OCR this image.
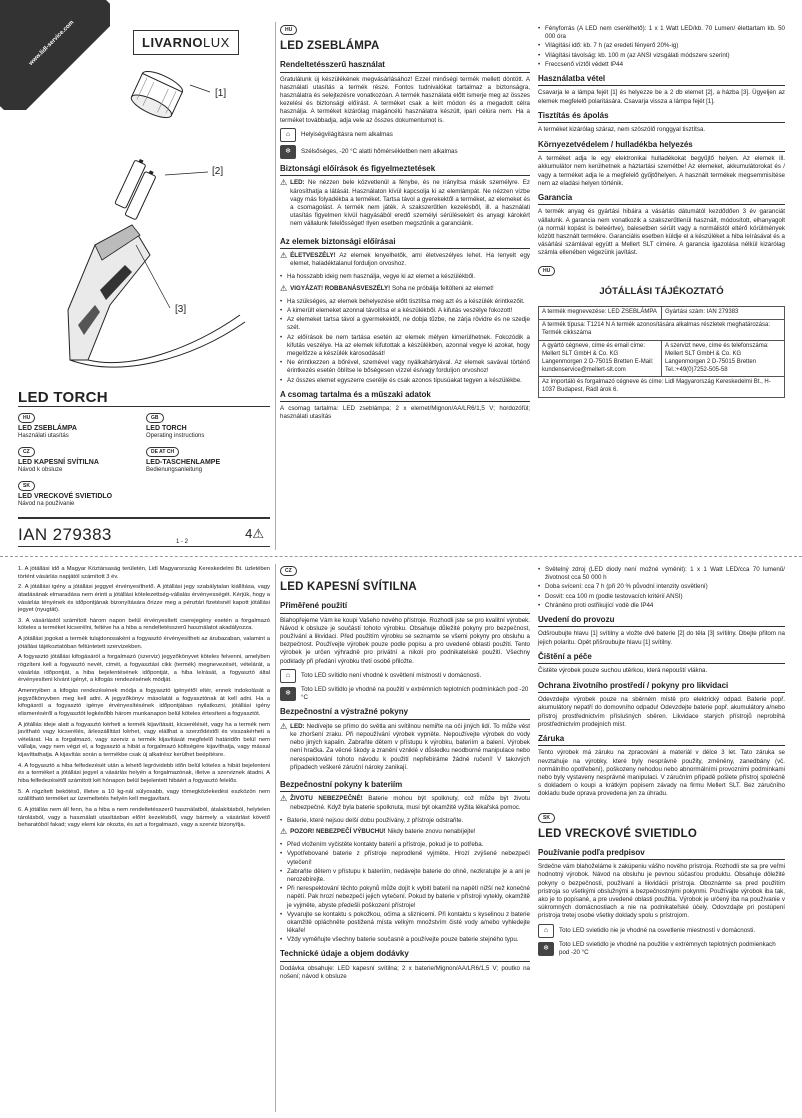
www.lidl-service.com	LIVARNOLUX
[1]
[2]
[3]
LED TORCH
HU
LED ZSEBLÁMPA
Használati utasítás
GB
LED TORCH
Operating instructions
CZ
LED KAPESNÍ SVÍTILNA
Návod k obsluze
DE AT CH
LED-TASCHENLAMPE
Bedienungsanleitung
SK
LED VRECKOVÉ SVIETIDLO
Návod na používanie
IAN 279383	1 - 2
4⚠
HU
LED ZSEBLÁMPA
Rendeltetésszerű használat

Gratulálunk új készülékének megvásárlásához! Ezzel minőségi termék mellett döntött. A használati utasítás a termék része. Fontos tudnivalókat tartalmaz a biztonságra, használatra és selejtezésre vonatkozóan. A termék használata előtt ismerje meg az összes kezelési és biztonsági előírást. A terméket csak a leírt módon és a megadott célra használja. A terméket kizárólag magáncélú használatra készült, ipari célúra nem. Ha a terméket továbbadja, adja vele az összes dokumentumot is.

⌂	Helyiségvilágításra nem alkalmas
❄	Szélsőséges, -20 °C alatti hőmérsékletben nem alkalmas
Biztonsági előírások és figyelmeztetések
⚠ LED: Ne nézzen bele közvetlenül a fénybe, és ne irányítsa másik személyre. Ez károsíthatja a látását. Használaton kívül kapcsolja ki az elemlámpát. Ne nézzen vízbe vagy más folyadékba a terméket. Tartsa távol a gyerekektől a terméket, az elemeket és a csomagolást. A termék nem játék. A szakszerűtlen kezelésből, ill. a használati utasítás figyelmen kívül hagyásából eredő személyi sérülésekért és anyagi károkért nem vállalunk felelősséget! Ilyen esetben megszűnik a garanciánk.

Az elemek biztonsági előírásai
⚠ ÉLETVESZÉLY! Az elemek lenyelhetők, ami életveszélyes lehet. Ha lenyelt egy elemet, haladéktalanul forduljon orvoshoz.

• Ha hosszabb ideig nem használja, vegye ki az elemet a készülékből.
⚠ VIGYÁZAT! ROBBANÁSVESZÉLY! Soha ne próbálja feltölteni az elemet!

• Ha szükséges, az elemek behelyezése előtt tisztítsa meg azt és a készülék érintkezőit.
• A kimerült elemeket azonnal távolítsa el a készülékből. A kifutás veszélye fokozott!
• Az elemeket tartsa távol a gyermekektől, ne dobja tűzbe, ne zárja rövidre és ne szedje szét.
• Az előírások be nem tartása esetén az elemek mélyen kimerülhetnek. Fokozódik a kifutás veszélye. Ha az elemek kifutottak a készülékben, azonnal vegye ki azokat, hogy megelőzze a készülék károsodását!
• Ne érintkezzen a bőrével, szemével vagy nyálkahártyával. Az elemek savával történő érintkezés esetén öblítse le bőségesen vízzel és/vagy forduljon orvoshoz!
• Az összes elemet egyszerre cserélje és csak azonos típusúakat tegyen a készülékbe.
A csomag tartalma és a műszaki adatok

A csomag tartalma: LED zseblámpa; 2 x elemet/Mignon/AA/LR6/1,5 V; hordozófül; használati utasítás

• Fényforrás (A LED nem cserélhető): 1 x 1 Watt LED/kb. 70 Lumen/ élettartam kb. 50 000 óra
• Világítási idő: kb. 7 h (az eredeti fényerő 20%-ig)
• Világítási távolság: kb. 100 m (az ANSI vizsgálati módszere szerint)
• Freccsenő víztől védett IP44
Használatba vétel

Csavarja le a lámpa fejét [1] és helyezze be a 2 db elemet [2], a házba [3]. Ügyeljen az elemek megfelelő polaritására. Csavarja vissza a lámpa fejét [1].

Tisztítás és ápolás

A terméket kizárólag száraz, nem szöszölő ronggyal tisztítsa.

Környezetvédelem / hulladékba helyezés

A terméket adja le egy elektronikai hulladékokat begyűjtő helyen. Az elemek ill. akkumulátor nem kerülhetnek a háztartási szemétbe! Az elemeket, akkumulátorokat és / vagy a terméket adja le a megfelelő gyűjtőhelyen. A használt termékek megsemmisítése nem az eladási helyen történik.

Garancia

A termék anyag és gyártási hibáira a vásárlás dátumától kezdődően 3 év garanciát vállalunk. A garancia nem vonatkozik a szakszerűtlenül használt, módosított, elhanyagolt (a normál kopást is beleértve), balesetben sérült vagy a normálistól eltérő körülmények között használt termékre. Garanciális esetben küldje el a készüléket a hiba leírásával és a vásárlási számlával együtt a Mellert SLT címére. A garancia igazolása nélkül kizárólag számla ellenében végezünk javítást.

HU
JÓTÁLLÁSI TÁJÉKOZTATÓ
A termék megnevezése: LED ZSEBLÁMPA	Gyártási szám: IAN 279383
A termék típusa: T1214 N A termék azonosítására alkalmas részletek meghatározása: Termék cikkszáma	
A gyártó cégneve, címe és email címe: Mellert SLT GmbH & Co. KG Langenmorgen 2 D-75015 Bretten E-Mail: kundenservice@mellert-slt.com	A szervizt neve, címe és telefonszáma: Mellert SLT GmbH & Co. KG Langenmorgen 2 D-75015 Bretten Tel.:+49(0)7252-505-58
Az importáló és forgalmazó cégneve és címe: Lidl Magyarország Kereskedelmi Bt., H-1037 Budapest, Rádl árok 6.	

1. A jótállási idő a Magyar Köztársaság területén, Lidl Magyarország Kereskedelmi Bt. üzletében történt vásárlás napjától számított 3 év.

2. A jótállási igény a jótállási jeggyel érvényesíthető. A jótállási jegy szabálytalan kiállítása, vagy átadásának elmaradása nem érinti a jótállási kötelezettség-vállalás érvényességét. Kérjük, hogy a vásárlás tényének és időpontjának bizonyítására őrizze meg a pénztári fizetésnél kapott jótállási jegyet (nyugtát).

3. A vásárlástól számított három napon belül érvényesített cserejegény esetén a forgalmazó köteles a terméket kicserélni, feltéve ha a hiba a rendeltetésszerű használatot akadályozza.

A jótállási jogokat a termék tulajdonosaként a fogyasztó érvényesítheti az árubazaban, valamint a jótállási tájékoztatóban feltüntetett szervizekben.

A fogyasztó jótállási kifogásáról a forgalmazó (szerviz) jegyzőkönyvet köteles felvenni, amelyben rögzíteni kell a fogyasztó nevét, címét, a fogyasztási cikk (termék) megnevezését, vételárát, a vásárlás időpontját, a hiba bejelentésének időpontját, a hiba leírását, a fogyasztó által érvényesíteni kívánt igényt, a kifogás rendezésének módját.

Amennyiben a kifogás rendezésének módja a fogyasztó igényétől eltér, ennek indokolását a jegyzőkönyvben meg kell adni. A jegyzőkönyv másolatát a fogyasztónak át kell adni. Ha a kifogásról a fogyasztó igénye érvényesítésének időpontjában nyilatkozni, jótállási igény elismeréséről a fogyasztót legkésőbb három munkanapon belül köteles értesíteni a fogyasztót.

A jótállás ideje alatt a fogyasztó kérheti a termék kijavítását, kicserélését, vagy ha a termék nem javítható vagy kicserélés, árleszállítást kérhet, vagy elállhat a szerződéstől és visszakérheti a vételárat. Ha a forgalmazó, vagy szerviz a termék kijavítását megfelelő határidőn belül nem vállalja, vagy nem végzi el, a fogyasztó a hibát a forgalmazó költségére kijavíthatja, vagy mással kijavíttathatja. A kijavítás során a termékbe csak új alkatrész kerülhet beépítésre.

4. A fogyasztó a hiba felfedezését után a lehető legrövidebb időn belül köteles a hibát bejelenteni és a terméket a jótállási jegyel a vásárlás helyén a forgalmazónak, illetve a szerviznek átadni. A hiba felfedezésétől számított két hónapon belül bejelentett hibáért a fogyasztó felelős.

5. A rögzített bekötésű, illetve a 10 kg-nál súlyosabb, vagy tömegközlekedési eszközön nem szállítható terméket az üzemeltetés helyén kell megjavítani.

6. A jótállás nem áll fenn, ha a hiba a nem rendeltetésszerű használatból, átalakításból, helytelen tárolásból, vagy a használati utasításban előírt kezelésből, vagy bármely a vásárlást követő beharatóból fakad; vagy elemi kár okozta, és azt a forgalmazó, vagy a szerviz bizonyítja.

CZ
LED KAPESNÍ SVÍTILNA
Přiměřené použití

Blahopřejeme Vám ke koupi Vašeho nového přístroje. Rozhodli jste se pro kvalitní výrobek. Návod k obsluze je součástí tohoto výrobku. Obsahuje důležité pokyny pro bezpečnost, používání a likvidaci. Před použitím výrobku se seznamte se všemi pokyny pro obsluhu a bezpečnost. Používejte výrobek pouze podle popisu a pro uvedené oblasti použití. Tento výrobek je určen výhradně pro privátní a nikoli pro podnikatelské použití. Všechny podklady při předání výrobku třetí osobě přiložte.

⌂	Toto LED svítidlo není vhodné k osvětlení místností v domácnosti.
❄
Toto LED svítidlo je vhodné na použití v extrémních teplotních podmínkách pod -20 °C
Bezpečnostní a výstražné pokyny
⚠ LED: Nedívejte se přímo do světla ani svítilnou nemiřte na oči jiných lidí. To může vést ke zhoršení zraku. Při nepoužívání výrobek vypněte. Nepoužívejte výrobek do vody nebo jiných kapalin. Zabraňte dětem v přístupu k výrobku, bateriím a balení. Výrobek není hračka. Za věcné škody a zranění vzniklé v důsledku neodborné manipulace nebo nerespektování tohoto návodu k použití nepřebíráme žádné ručení! V takových případech veškeré záruční nároky zanikají.

Bezpečnostní pokyny k bateriím
⚠ ŽIVOTU NEBEZPEČNÉ! Baterie mohou být spolknuty, což může být životu nebezpečné. Když byla baterie spolknuta, musí být okamžitě vyžita lékařská pomoc.

• Baterie, které nejsou delší dobu používány, z přístroje odstraňte.
⚠ POZOR! NEBEZPEČÍ VÝBUCHU! Nikdy baterie znovu nenabíjejte!

• Před vložením vyčistěte kontakty baterií a přístroje, pokud je to potřeba.
• Vypotřebované baterie z přístroje neprodleně vyjměte. Hrozí zvýšené nebezpečí vytečení!
• Zabraňte dětem v přístupu k bateriím, nedávejte baterie do ohně, nezkratujte je a ani je nerozebírejte.
• Při nerespektování těchto pokynů může dojít k vybití baterií na napětí nižší než konečné napětí. Pak hrozí nebezpečí jejich vytečení. Pokud by baterie v přístroji vytekly, okamžitě je vyjměte, abyste předešli poškození přístroje!
• Vyvarujte se kontaktu s pokožkou, očima a sliznicemi. Při kontaktu s kyselinou z baterie okamžitě opláchněte postižená místa velkým množstvím čisté vody a/nebo vyhledejte lékaře!
• Vždy vyměňujte všechny baterie současně a používejte pouze baterie stejného typu.
Technické údaje a objem dodávky

Dodávka obsahuje: LED kapesní svítilna; 2 x baterie/Mignon/AA/LR6/1,5 V; poutko na nošení; návod k obsluze

• Světelný zdroj (LED diody není možné vyměnit): 1 x 1 Watt LED/cca 70 lumenů/životnost cca 50 000 h
• Doba svícení: cca 7 h (při 20 % původní intenzity osvětlení)
• Dosvit: cca 100 m (podle testovacích kritérií ANSI)
• Chráněno proti ostřikující vodě dle IP44
Uvedení do provozu

Odšroubujte hlavu [1] svítilny a vložte dvě baterie [2] do těla [3] svítilny. Dbejte přitom na jejich polaritu. Opět přišroubujte hlavu [1] svítilny.

Čištění a péče

Čistěte výrobek pouze suchou utěrkou, která nepouští vlákna.

Ochrana životního prostředí / pokyny pro likvidaci

Odevzdejte výrobek pouze na sběrném místě pro elektrický odpad. Baterie popř. akumulátory nepatří do domovního odpadu! Odevzdejte baterie popř. akumulátory a/nebo přístroj prostřednictvím příslušných sběren. Likvidace starých přístrojů neprobíhá prostřednictvím prodejních míst.

Záruka

Tento výrobek má záruku na zpracování a materiál v délce 3 let. Tato záruka se nevztahuje na výrobky, které byly nesprávně použity, změněny, zanedbány (vč. normálního opotřebení), poškozeny nehodou nebo abnormálními provozními podmínkami nebo byly vystaveny nesprávné manipulaci. V záručním případě pošlete přístroj společně s dokladem o koupi a krátkým popisem závady na firmu Mellert SLT. Bez záručního dokladu bude oprava provedena jen za úhradu.

SK
LED VRECKOVÉ SVIETIDLO
Používanie podľa predpisov

Srdečne vám blahoželáme k zakúpeniu vášho nového prístroja. Rozhodli ste sa pre veľmi hodnotný výrobok. Návod na obsluhu je pevnou súčasťou produktu. Obsahuje dôležité pokyny o bezpečnosti, používaní a likvidácii prístroja. Oboznámte sa pred použitím prístroja so všetkými obslužnými a bezpečnostnými pokynmi. Používajte výrobok iba tak, ako je to popísané, a pre uvedené oblasti použitia. Výrobok je určený iba na používanie v súkromných domácnostiach a nie na podnikateľské účely. Odovzdajte pri postúpení prístroja tretej osobe všetky doklady spolu s prístrojom.

⌂	Toto LED svietidlo nie je vhodné na osvetlenie miestností v domácnosti.
❄
Toto LED svietidlo je vhodné na použitie v extrémnych teplotných podmienkach pod -20 °C
